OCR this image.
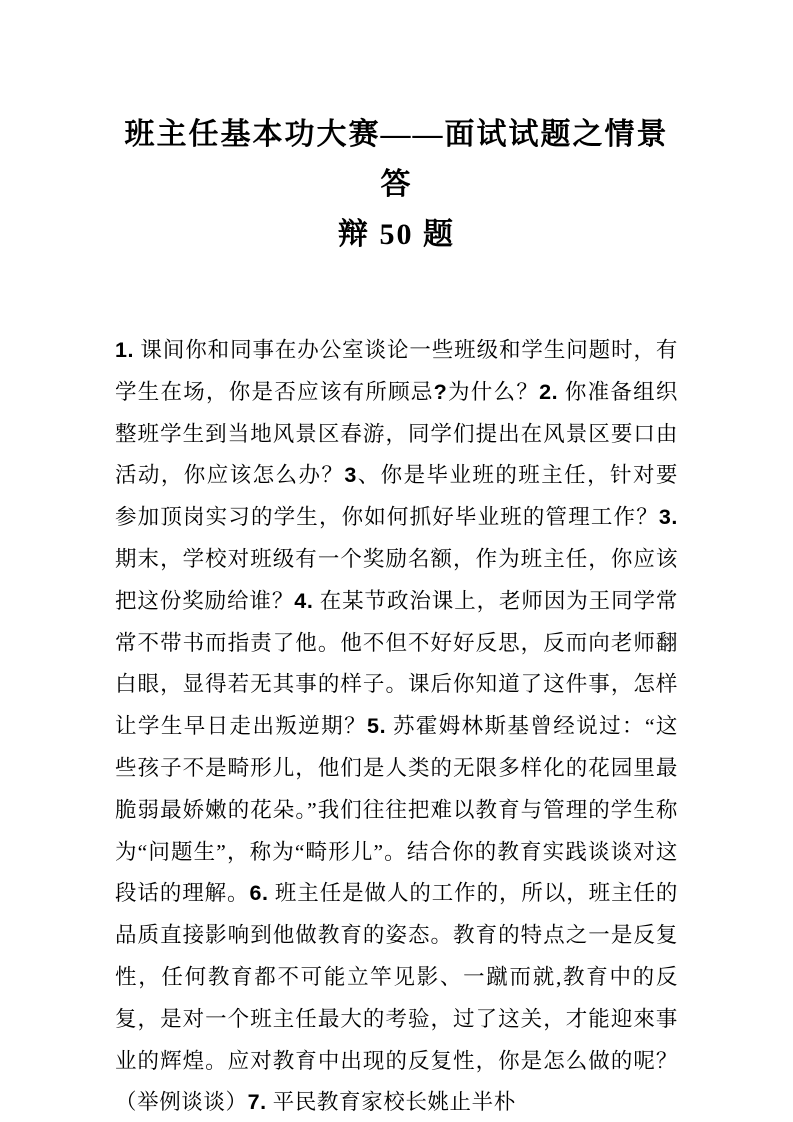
班主任基本功大赛——面试试题之情景答
辩 50 题

1. 课间你和同事在办公室谈论一些班级和学生问题时，有学生在场，你是否应该有所顾忌?为什么？2. 你准备组织整班学生到当地风景区春游，同学们提出在风景区要口由活动，你应该怎么办？3、你是毕业班的班主任，针对要参加顶岗实习的学生，你如何抓好毕业班的管理工作？3. 期末，学校对班级有一个奖励名额，作为班主任，你应该把这份奖励给谁？4. 在某节政治课上，老师因为王同学常常不带书而指责了他。他不但不好好反思，反而向老师翻白眼，显得若无其事的样子。课后你知道了这件事，怎样让学生早日走出叛逆期？5. 苏霍姆林斯基曾经说过：“这些孩子不是畸形儿，他们是人类的无限多样化的花园里最脆弱最娇嫩的花朵。”我们往往把难以教育与管理的学生称为“问题生”，称为“畸形儿”。结合你的教育实践谈谈对这段话的理解。6. 班主任是做人的工作的，所以，班主任的品质直接影响到他做教育的姿态。教育的特点之一是反复性，任何教育都不可能立竿见影、一蹴而就,教育中的反复，是对一个班主任最大的考验，过了这关，才能迎來事业的辉煌。应对教育中出现的反复性，你是怎么做的呢？（举例谈谈）7. 平民教育家校长姚止半朴
